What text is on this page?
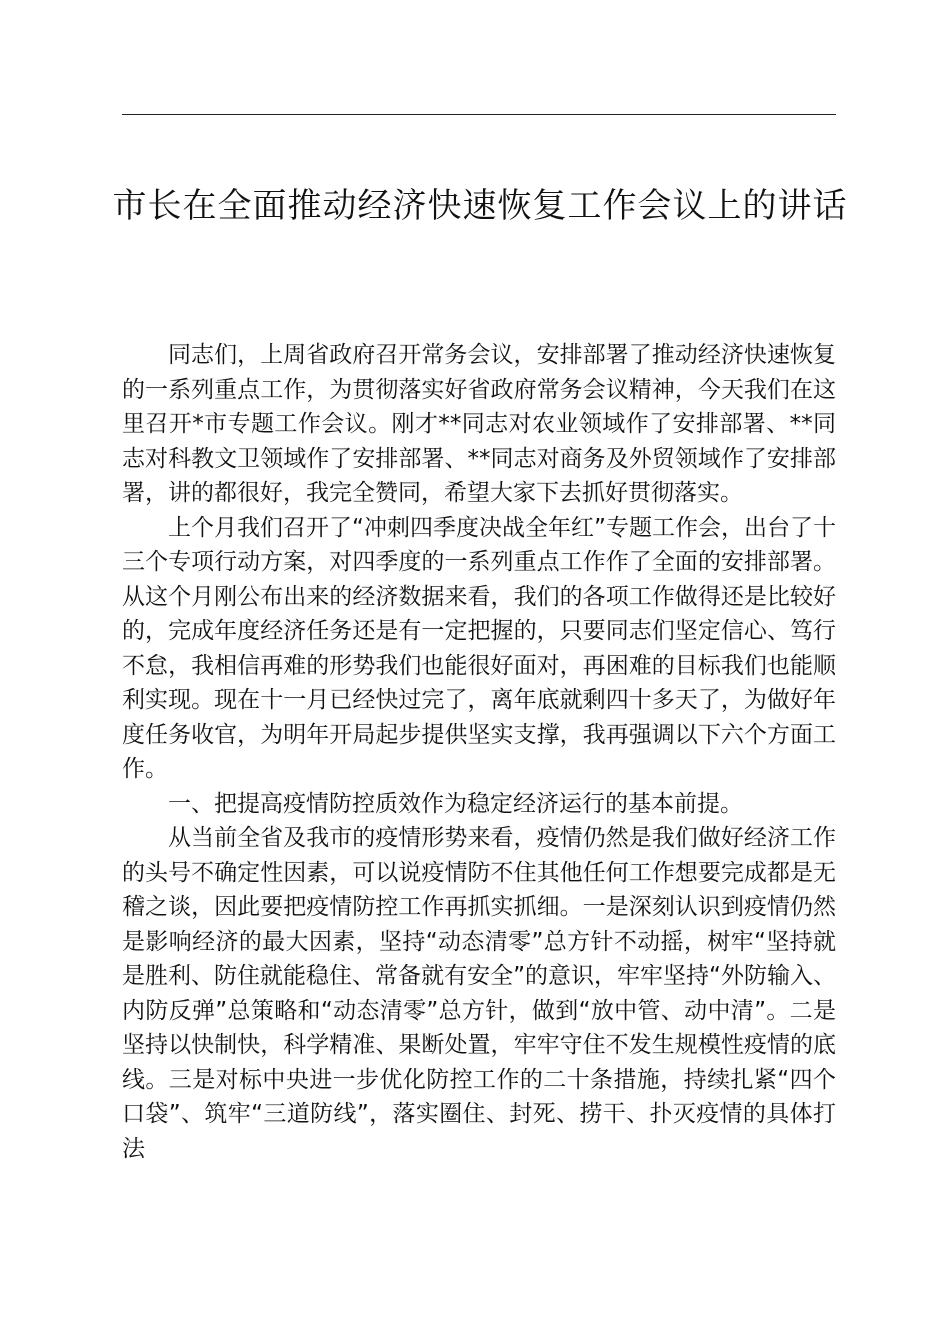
市长在全面推动经济快速恢复工作会议上的讲话

同志们，上周省政府召开常务会议，安排部署了推动经济快速恢复的一系列重点工作，为贯彻落实好省政府常务会议精神，今天我们在这里召开*市专题工作会议。刚才**同志对农业领域作了安排部署、**同志对科教文卫领域作了安排部署、**同志对商务及外贸领域作了安排部署，讲的都很好，我完全赞同，希望大家下去抓好贯彻落实。

上个月我们召开了“冲刺四季度决战全年红”专题工作会，出台了十三个专项行动方案，对四季度的一系列重点工作作了全面的安排部署。从这个月刚公布出来的经济数据来看，我们的各项工作做得还是比较好的，完成年度经济任务还是有一定把握的，只要同志们坚定信心、笃行不怠，我相信再难的形势我们也能很好面对，再困难的目标我们也能顺利实现。现在十一月已经快过完了，离年底就剩四十多天了，为做好年度任务收官，为明年开局起步提供坚实支撑，我再强调以下六个方面工作。

一、把提高疫情防控质效作为稳定经济运行的基本前提。

从当前全省及我市的疫情形势来看，疫情仍然是我们做好经济工作的头号不确定性因素，可以说疫情防不住其他任何工作想要完成都是无稽之谈，因此要把疫情防控工作再抓实抓细。一是深刻认识到疫情仍然是影响经济的最大因素，坚持“动态清零”总方针不动摇，树牢“坚持就是胜利、防住就能稳住、常备就有安全”的意识，牢牢坚持“外防输入、内防反弹”总策略和“动态清零”总方针，做到“放中管、动中清”。二是坚持以快制快，科学精准、果断处置，牢牢守住不发生规模性疫情的底线。三是对标中央进一步优化防控工作的二十条措施，持续扎紧“四个口袋”、筑牢“三道防线”，落实圈住、封死、捞干、扑灭疫情的具体打法
